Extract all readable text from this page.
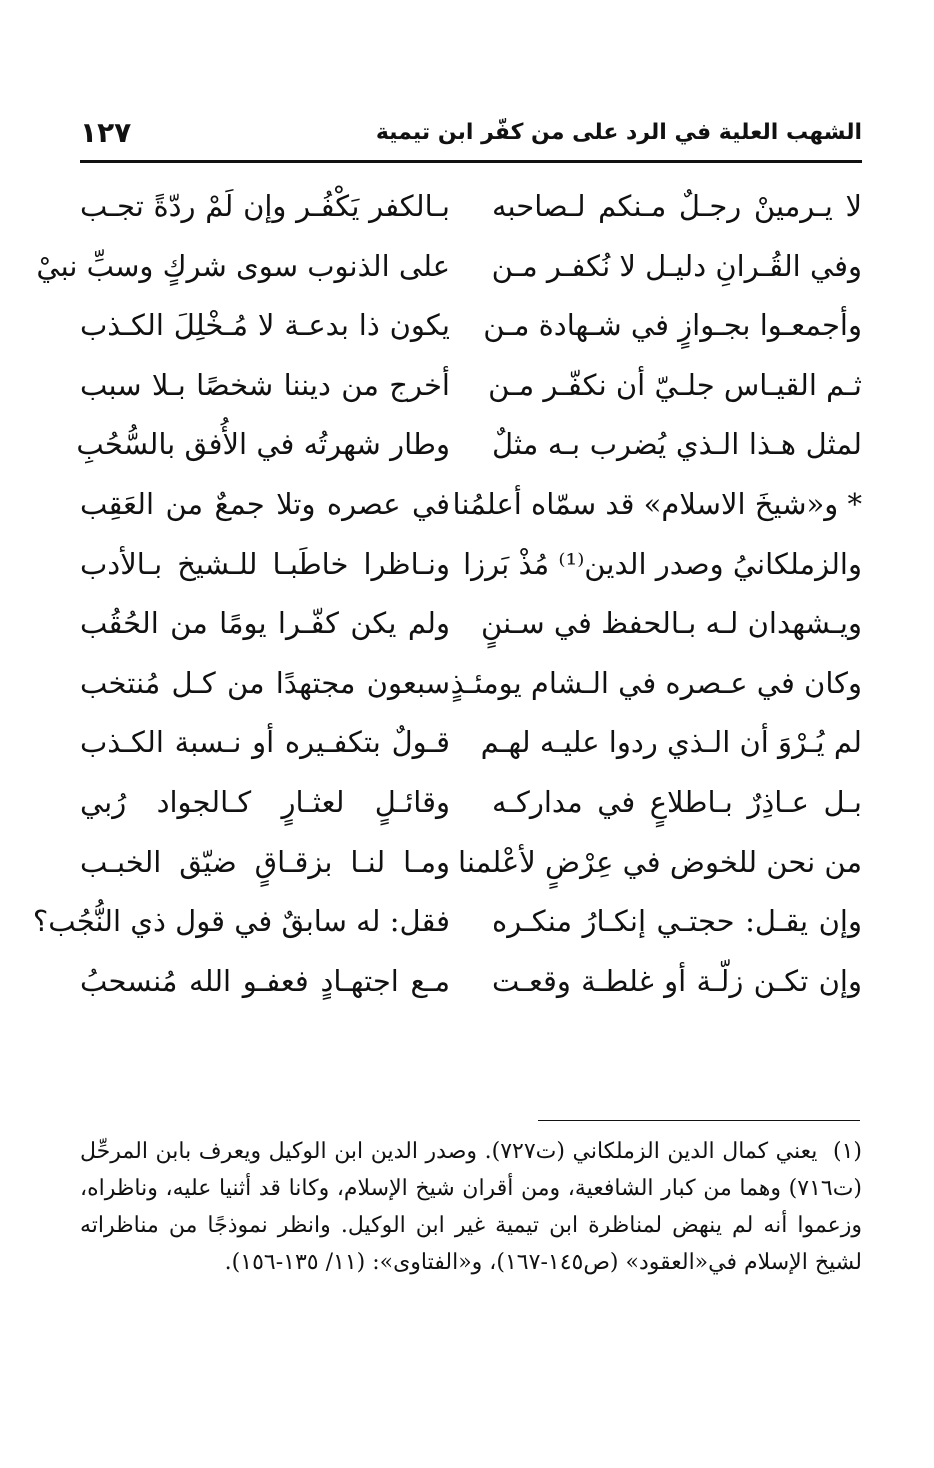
الشهب العلية في الرد على من كفّر ابن تيمية
١٢٧
لا يـرمينْ رجـلٌ مـنكم لـصاحبه
بـالكفر يَكْفُـر وإن لَمْ ردّةً تجـب
وفي القُـرانِ دليـل لا نُكفـر مـن
على الذنوب سوى شركٍ وسبِّ نبيْ
وأجمعـوا بجـوازٍ في شـهادة مـن
يكون ذا بدعـة لا مُـخْلِلَ الكـذب
ثـم القيـاس جلـيّ أن نكفّـر مـن
أخرج من ديننا شخصًا بـلا سبب
لمثل هـذا الـذي يُضرب بـه مثلٌ
وطار شهرتُه في الأُفق بالسُّحُبِ
* و«شيخَ الاسلام» قد سمّاه أعلمُنا
في عصره وتلا جمعٌ من العَقِب
والزملكانيُ وصدر الدين⁽¹⁾ مُذْ بَرزا
ونـاظرا خاطَبـا للـشيخ بـالأدب
ويـشهدان لـه بـالحفظ في سـننٍ
ولم يكن كفّـرا يومًا من الحُقُب
وكان في عـصره في الـشام يومئـذٍ
سبعون مجتهدًا من كـل مُنتخب
لم يُـرْوَ أن الـذي ردوا عليـه لهـم
قـولٌ بتكفـيره أو نـسبة الكـذب
بـل عـاذِرٌ بـاطلاعٍ في مداركـه
وقائـلٍ لعثـارٍ كـالجواد رُبي
من نحن للخوض في عِرْضٍ لأعْلمنا
ومـا لنـا بزقـاقٍ ضيّق الخبـب
وإن يقـل: حجتـي إنكـارُ منكـره
فقل: له سابقٌ في قول ذي النُّجُب؟
وإن تكـن زلّـة أو غلطـة وقعـت
مـع اجتهـادٍ فعفـو الله مُنسحبُ
(١) يعني كمال الدين الزملكاني (ت٧٢٧). وصدر الدين ابن الوكيل ويعرف بابن المرحِّل (ت٧١٦) وهما من كبار الشافعية، ومن أقران شيخ الإسلام، وكانا قد أثنيا عليه، وناظراه، وزعموا أنه لم ينهض لمناظرة ابن تيمية غير ابن الوكيل. وانظر نموذجًا من مناظراته لشيخ الإسلام في«العقود» (ص١٤٥-١٦٧)، و«الفتاوى»: (١١/ ١٣٥-١٥٦).
